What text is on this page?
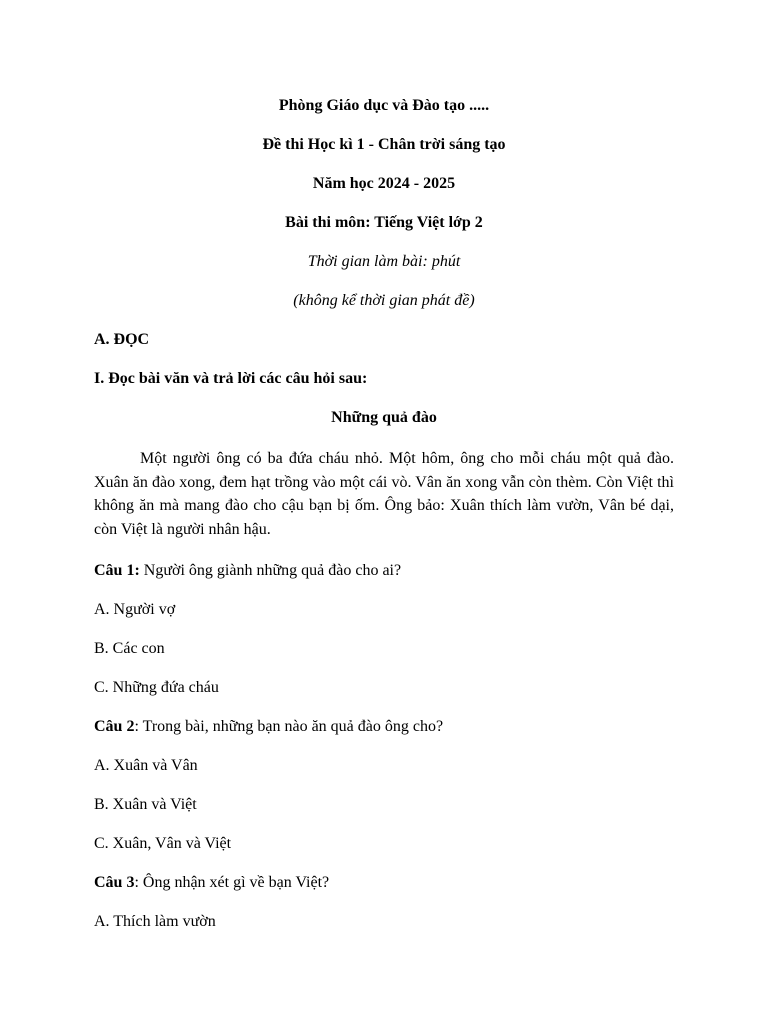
Phòng Giáo dục và Đào tạo .....

Đề thi Học kì 1 - Chân trời sáng tạo

Năm học 2024 - 2025

Bài thi môn: Tiếng Việt lớp 2

Thời gian làm bài: phút

(không kể thời gian phát đề)

A. ĐỌC

I. Đọc bài văn và trả lời các câu hỏi sau:

Những quả đào

Một người ông có ba đứa cháu nhỏ. Một hôm, ông cho mỗi cháu một quả đào. Xuân ăn đào xong, đem hạt trồng vào một cái vò. Vân ăn xong vẫn còn thèm. Còn Việt thì không ăn mà mang đào cho cậu bạn bị ốm. Ông bảo: Xuân thích làm vườn, Vân bé dại, còn Việt là người nhân hậu.

Câu 1: Người ông giành những quả đào cho ai?

A. Người vợ

B. Các con

C. Những đứa cháu

Câu 2: Trong bài, những bạn nào ăn quả đào ông cho?

A. Xuân và Vân

B. Xuân và Việt

C. Xuân, Vân và Việt

Câu 3: Ông nhận xét gì về bạn Việt?

A. Thích làm vườn
